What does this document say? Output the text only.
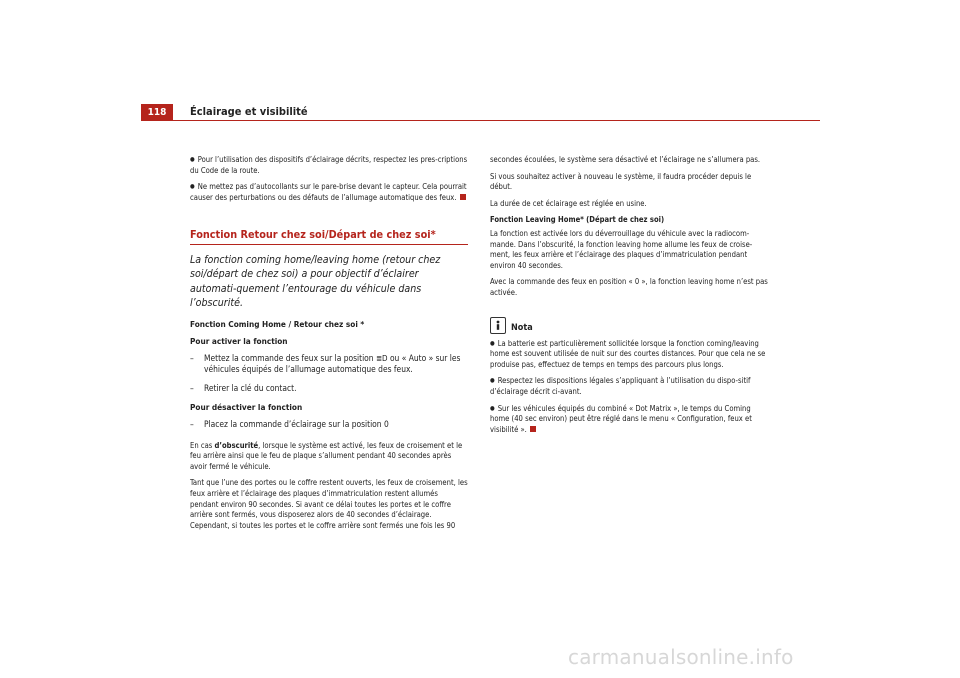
118	Éclairage et visibilité

● Pour l’utilisation des dispositifs d’éclairage décrits, respectez les pres-criptions du Code de la route.

● Ne mettez pas d’autocollants sur le pare-brise devant le capteur. Cela pourrait causer des perturbations ou des défauts de l’allumage automatique des feux.

Fonction Retour chez soi/Départ de chez soi*
La fonction coming home/leaving home (retour chez soi/départ de chez soi) a pour objectif d’éclairer automati-quement l’entourage du véhicule dans l’obscurité.

Fonction Coming Home / Retour chez soi *

Pour activer la fonction

– Mettez la commande des feux sur la position ≣D ou « Auto » sur les véhicules équipés de l’allumage automatique des feux.

– Retirer la clé du contact.

Pour désactiver la fonction

– Placez la commande d’éclairage sur la position 0

En cas d’obscurité, lorsque le système est activé, les feux de croisement et le feu arrière ainsi que le feu de plaque s’allument pendant 40 secondes après avoir fermé le véhicule.

Tant que l’une des portes ou le coffre restent ouverts, les feux de croisement, les feux arrière et l’éclairage des plaques d’immatriculation restent allumés pendant environ 90 secondes. Si avant ce délai toutes les portes et le coffre arrière sont fermés, vous disposerez alors de 40 secondes d’éclairage. Cependant, si toutes les portes et le coffre arrière sont fermés une fois les 90

secondes écoulées, le système sera désactivé et l’éclairage ne s’allumera pas.

Si vous souhaitez activer à nouveau le système, il faudra procéder depuis le début.

La durée de cet éclairage est réglée en usine.

Fonction Leaving Home* (Départ de chez soi)

La fonction est activée lors du déverrouillage du véhicule avec la radiocom-mande. Dans l’obscurité, la fonction leaving home allume les feux de croise-ment, les feux arrière et l’éclairage des plaques d’immatriculation pendant environ 40 secondes.

Avec la commande des feux en position « 0 », la fonction leaving home n’est pas activée.

Nota

● La batterie est particulièrement sollicitée lorsque la fonction coming/leaving home est souvent utilisée de nuit sur des courtes distances. Pour que cela ne se produise pas, effectuez de temps en temps des parcours plus longs.

● Respectez les dispositions légales s’appliquant à l’utilisation du dispo-sitif d’éclairage décrit ci-avant.

● Sur les véhicules équipés du combiné « Dot Matrix », le temps du Coming home (40 sec environ) peut être réglé dans le menu « Configuration, feux et visibilité ».

carmanualsonline.info
